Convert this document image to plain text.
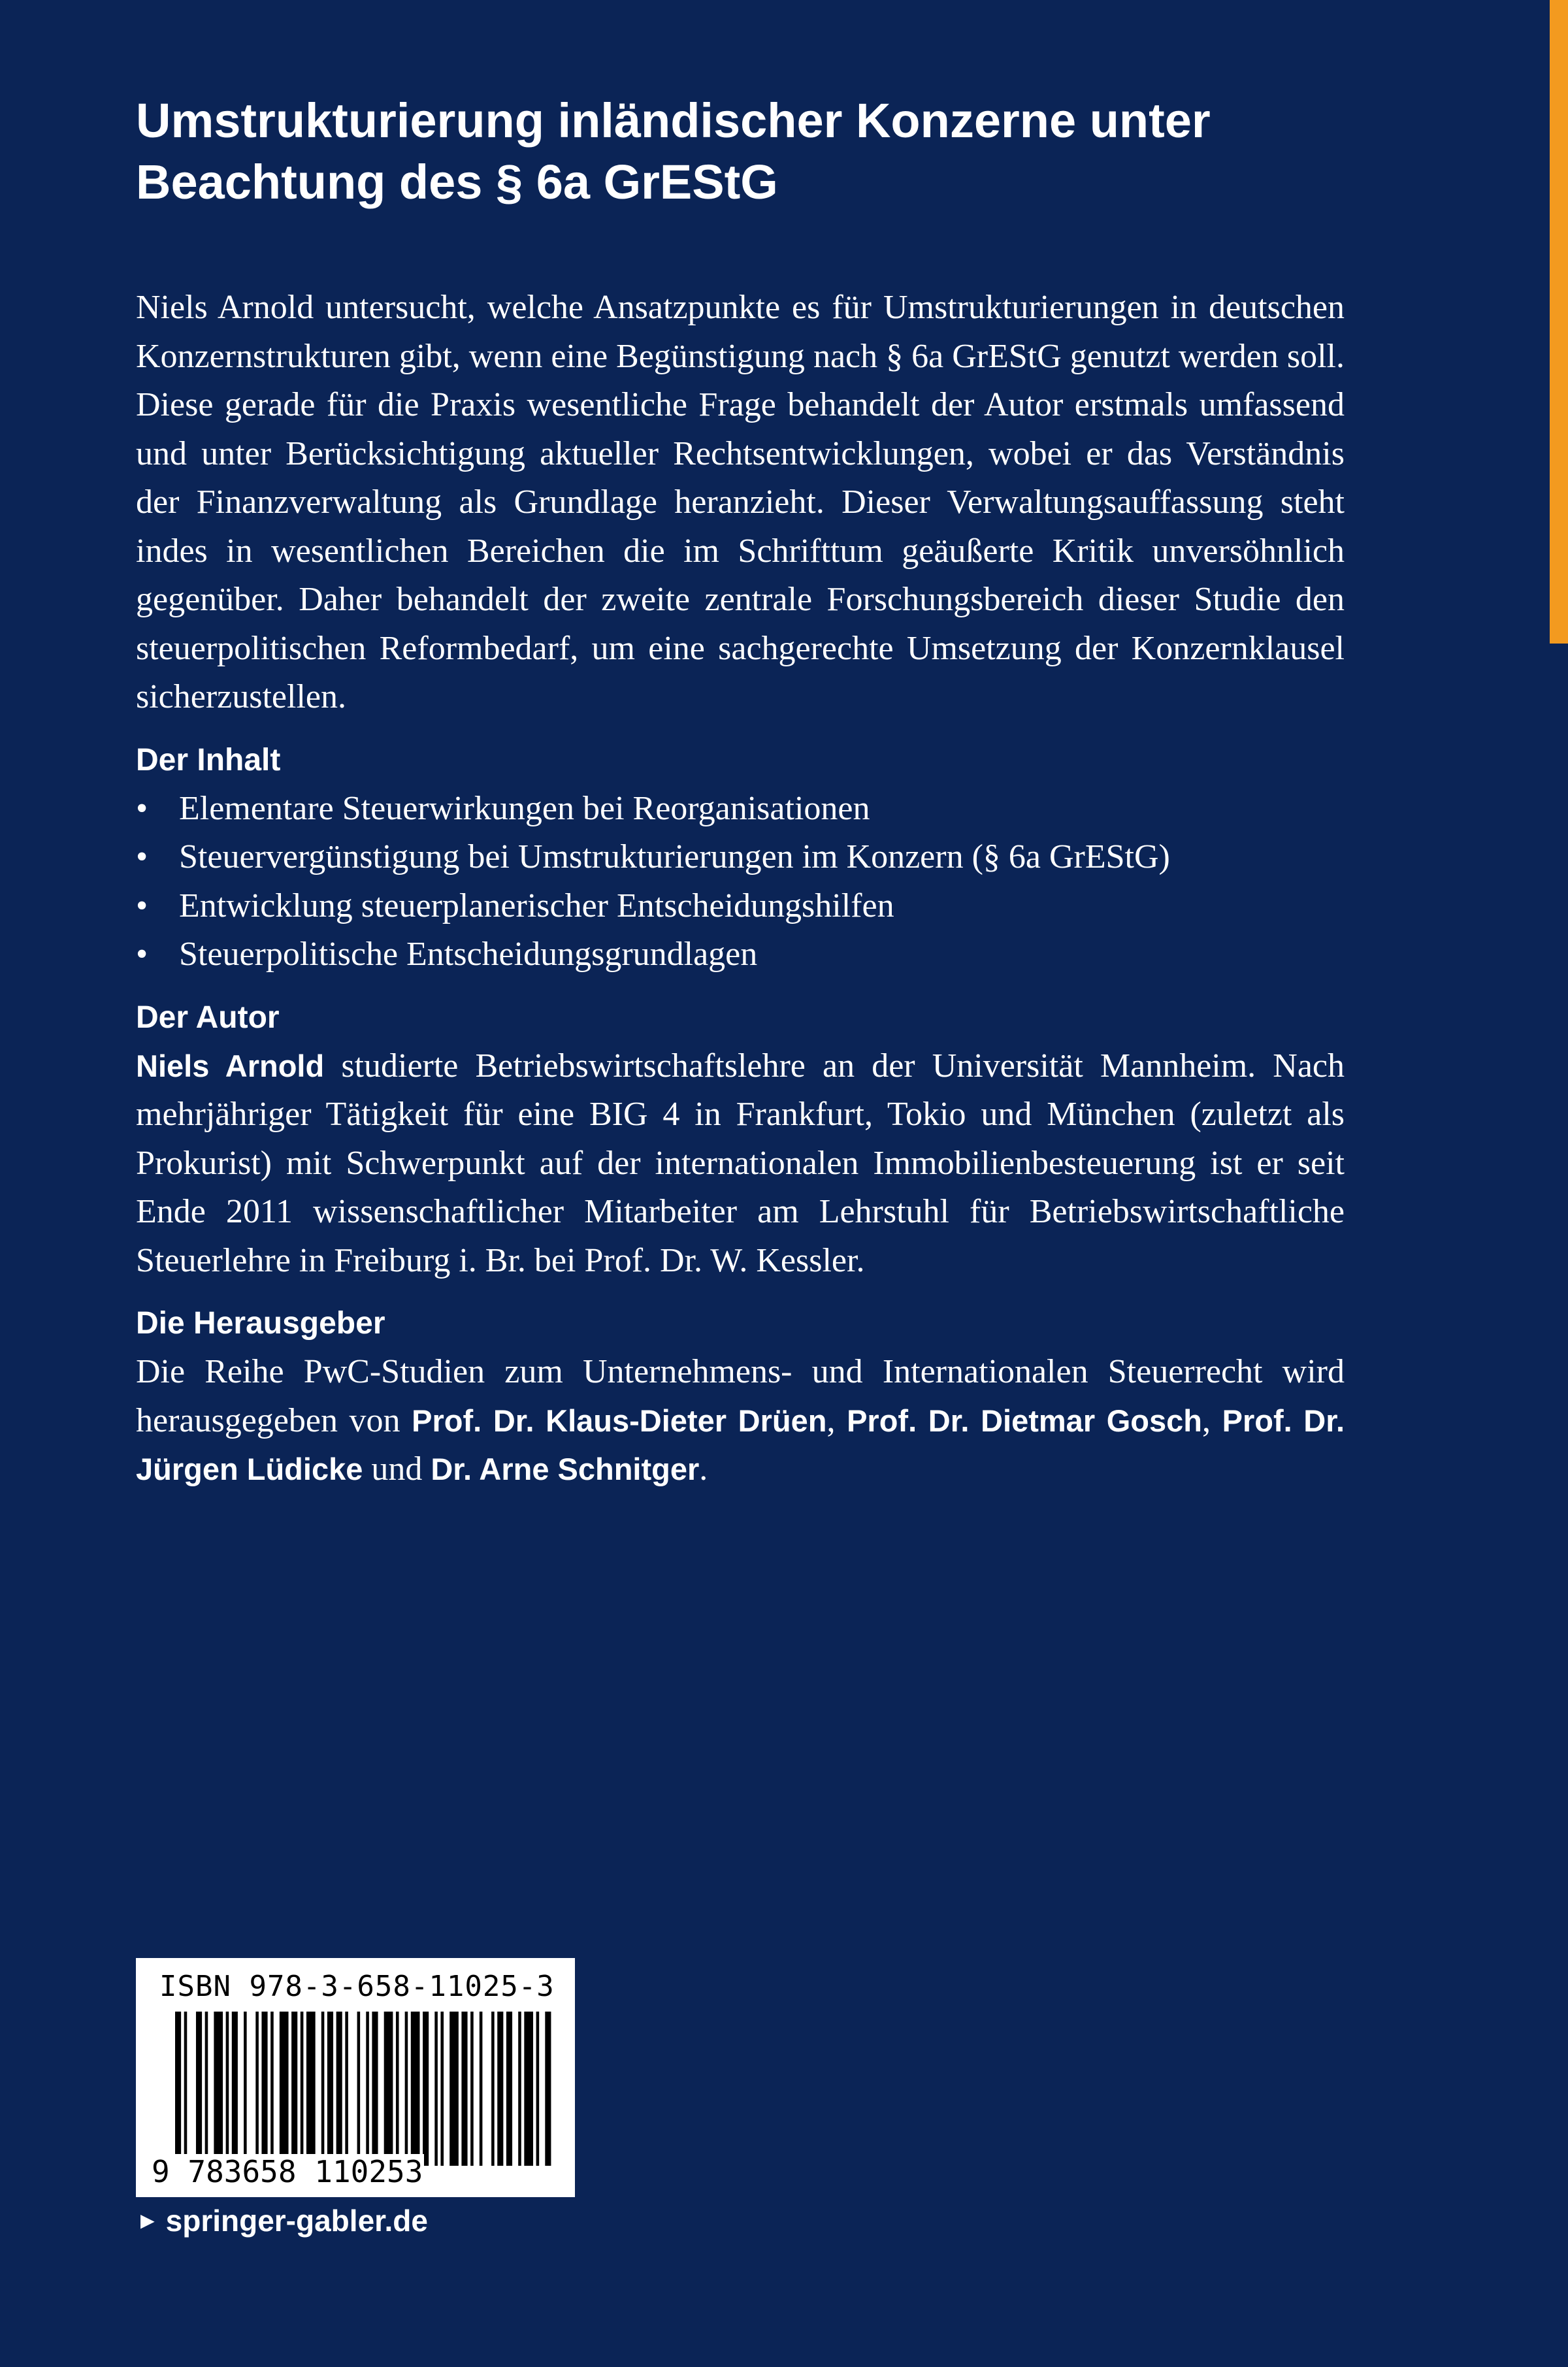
Umstrukturierung inländischer Konzerne unter
Beachtung des § 6a GrEStG

Niels Arnold untersucht, welche Ansatzpunkte es für Umstrukturierungen in deutschen Konzernstrukturen gibt, wenn eine Begünstigung nach § 6a GrEStG genutzt werden soll. Diese gerade für die Praxis wesentliche Frage behandelt der Autor erstmals umfassend und unter Berücksichtigung aktueller Rechtsentwicklungen, wobei er das Verständnis der Finanzverwaltung als Grundlage heranzieht. Dieser Verwaltungsauffassung steht indes in wesentlichen Bereichen die im Schrifttum geäußerte Kritik unversöhnlich gegenüber. Daher behandelt der zweite zentrale Forschungsbereich dieser Studie den steuerpolitischen Reformbedarf, um eine sachgerechte Umsetzung der Konzernklausel sicherzustellen.

Der Inhalt
• Elementare Steuerwirkungen bei Reorganisationen
• Steuervergünstigung bei Umstrukturierungen im Konzern (§ 6a GrEStG)
• Entwicklung steuerplanerischer Entscheidungshilfen
• Steuerpolitische Entscheidungsgrundlagen
Der Autor

Niels Arnold studierte Betriebswirtschaftslehre an der Universität Mannheim. Nach mehrjähriger Tätigkeit für eine BIG 4 in Frankfurt, Tokio und München (zuletzt als Prokurist) mit Schwerpunkt auf der internationalen Immobilienbesteuerung ist er seit Ende 2011 wissenschaftlicher Mitarbeiter am Lehrstuhl für Betriebswirtschaftliche Steuerlehre in Freiburg i. Br. bei Prof. Dr. W. Kessler.

Die Herausgeber

Die Reihe PwC-Studien zum Unternehmens- und Internationalen Steuerrecht wird herausgegeben von Prof. Dr. Klaus-Dieter Drüen, Prof. Dr. Dietmar Gosch, Prof. Dr. Jürgen Lüdicke und Dr. Arne Schnitger.

ISBN 978-3-658-11025-3
9 783658 110253
► springer-gabler.de
